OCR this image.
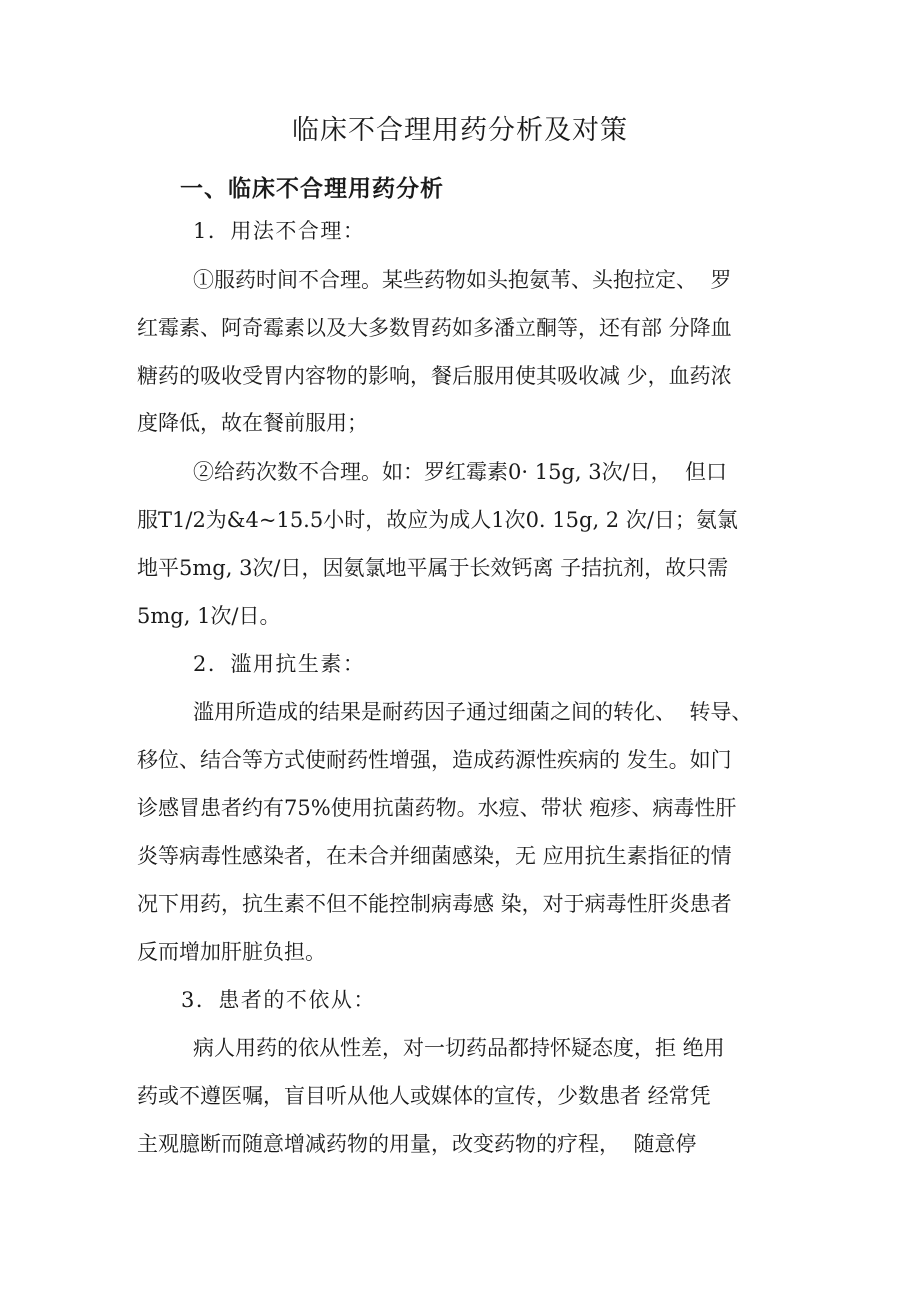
临床不合理用药分析及对策
一、临床不合理用药分析

1．用法不合理：

①服药时间不合理。某些药物如头抱氨苇、头抱拉定、  罗

红霉素、阿奇霉素以及大多数胃药如多潘立酮等，还有部 分降血

糖药的吸收受胃内容物的影响，餐后服用使其吸收减 少，血药浓

度降低，故在餐前服用；

②给药次数不合理。如：罗红霉素0· 15g, 3次/日，  但口

服T1/2为&4~15.5小时，故应为成人1次0. 15g, 2 次/日；氨氯

地平5mg, 3次/日，因氨氯地平属于长效钙离 子拮抗剂，故只需

5mg, 1次/日。

2．滥用抗生素：

滥用所造成的结果是耐药因子通过细菌之间的转化、  转导、

移位、结合等方式使耐药性增强，造成药源性疾病的 发生。如门

诊感冒患者约有75%使用抗菌药物。水痘、带状 疱疹、病毒性肝

炎等病毒性感染者，在未合并细菌感染，无 应用抗生素指征的情

况下用药，抗生素不但不能控制病毒感 染，对于病毒性肝炎患者

反而增加肝脏负担。

3．患者的不依从：

病人用药的依从性差，对一切药品都持怀疑态度，拒 绝用

药或不遵医嘱，盲目听从他人或媒体的宣传，少数患者 经常凭

主观臆断而随意增减药物的用量，改变药物的疗程，  随意停
